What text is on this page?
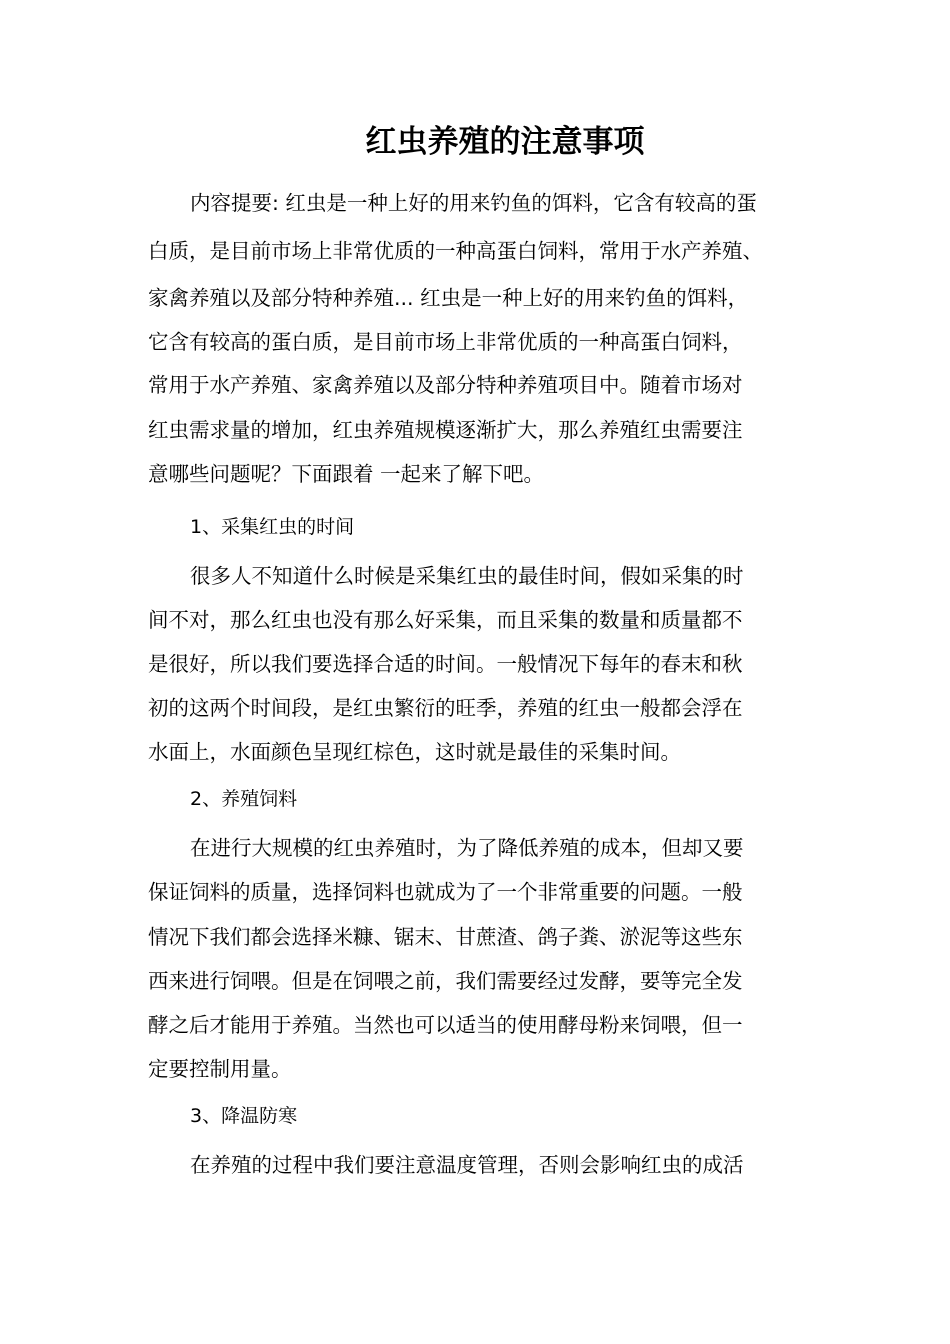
红虫养殖的注意事项
内容提要: 红虫是一种上好的用来钓鱼的饵料，它含有较高的蛋
白质，是目前市场上非常优质的一种高蛋白饲料，常用于水产养殖、
家禽养殖以及部分特种养殖... 红虫是一种上好的用来钓鱼的饵料，
它含有较高的蛋白质，是目前市场上非常优质的一种高蛋白饲料，
常用于水产养殖、家禽养殖以及部分特种养殖项目中。随着市场对
红虫需求量的增加，红虫养殖规模逐渐扩大，那么养殖红虫需要注
意哪些问题呢？下面跟着 一起来了解下吧。
1、采集红虫的时间
很多人不知道什么时候是采集红虫的最佳时间，假如采集的时
间不对，那么红虫也没有那么好采集，而且采集的数量和质量都不
是很好，所以我们要选择合适的时间。一般情况下每年的春末和秋
初的这两个时间段，是红虫繁衍的旺季，养殖的红虫一般都会浮在
水面上，水面颜色呈现红棕色，这时就是最佳的采集时间。
2、养殖饲料
在进行大规模的红虫养殖时，为了降低养殖的成本，但却又要
保证饲料的质量，选择饲料也就成为了一个非常重要的问题。一般
情况下我们都会选择米糠、锯末、甘蔗渣、鸽子粪、淤泥等这些东
西来进行饲喂。但是在饲喂之前，我们需要经过发酵，要等完全发
酵之后才能用于养殖。当然也可以适当的使用酵母粉来饲喂，但一
定要控制用量。
3、降温防寒
在养殖的过程中我们要注意温度管理，否则会影响红虫的成活
